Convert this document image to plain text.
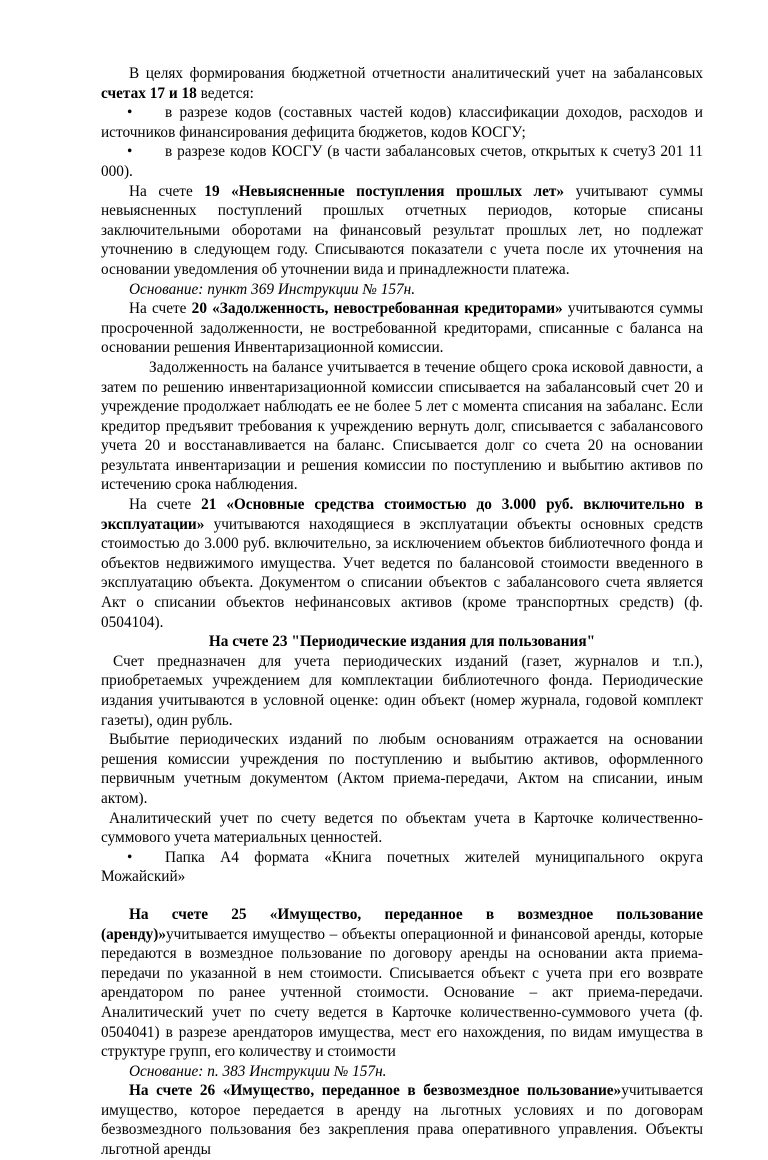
В целях формирования бюджетной отчетности аналитический учет на забалансовых счетах 17 и 18 ведется:

• в разрезе кодов (составных частей кодов) классификации доходов, расходов и источников финансирования дефицита бюджетов, кодов КОСГУ;

• в разрезе кодов КОСГУ (в части забалансовых счетов, открытых к счету3 201 11 000).

На счете 19 «Невыясненные поступления прошлых лет» учитывают суммы невыясненных поступлений прошлых отчетных периодов, которые списаны заключительными оборотами на финансовый результат прошлых лет, но подлежат уточнению в следующем году. Списываются показатели с учета после их уточнения на основании уведомления об уточнении вида и принадлежности платежа.

Основание: пункт 369 Инструкции № 157н.

На счете 20 «Задолженность, невостребованная кредиторами» учитываются суммы просроченной задолженности, не востребованной кредиторами, списанные с баланса на основании решения Инвентаризационной комиссии.

Задолженность на балансе учитывается в течение общего срока исковой давности, а затем по решению инвентаризационной комиссии списывается на забалансовый счет 20 и учреждение продолжает наблюдать ее не более 5 лет с момента списания на забаланс. Если кредитор предъявит требования к учреждению вернуть долг, списывается с забалансового учета 20 и восстанавливается на баланс. Списывается долг со счета 20 на основании результата инвентаризации и решения комиссии по поступлению и выбытию активов по истечению срока наблюдения.

На счете 21 «Основные средства стоимостью до 3.000 руб. включительно в эксплуатации» учитываются находящиеся в эксплуатации объекты основных средств стоимостью до 3.000 руб. включительно, за исключением объектов библиотечного фонда и объектов недвижимого имущества. Учет ведется по балансовой стоимости введенного в эксплуатацию объекта. Документом о списании объектов с забалансового счета является Акт о списании объектов нефинансовых активов (кроме транспортных средств) (ф. 0504104).

На счете 23 "Периодические издания для пользования"

Счет предназначен для учета периодических изданий (газет, журналов и т.п.), приобретаемых учреждением для комплектации библиотечного фонда. Периодические издания учитываются в условной оценке: один объект (номер журнала, годовой комплект газеты), один рубль.

Выбытие периодических изданий по любым основаниям отражается на основании решения комиссии учреждения по поступлению и выбытию активов, оформленного первичным учетным документом (Актом приема-передачи, Актом на списании, иным актом).

Аналитический учет по счету ведется по объектам учета в Карточке количественно-суммового учета материальных ценностей.

• Папка А4 формата «Книга почетных жителей муниципального округа Можайский»

На счете 25 «Имущество, переданное в возмездное пользование (аренду)»учитывается имущество – объекты операционной и финансовой аренды, которые передаются в возмездное пользование по договору аренды на основании акта приема-передачи по указанной в нем стоимости. Списывается объект с учета при его возврате арендатором по ранее учтенной стоимости. Основание – акт приема-передачи. Аналитический учет по счету ведется в Карточке количественно-суммового учета (ф. 0504041) в разрезе арендаторов имущества, мест его нахождения, по видам имущества в структуре групп, его количеству и стоимости

Основание: п. 383 Инструкции № 157н.

На счете 26 «Имущество, переданное в безвозмездное пользование»учитывается имущество, которое передается в аренду на льготных условиях и по договорам безвозмездного пользования без закрепления права оперативного управления. Объекты льготной аренды
